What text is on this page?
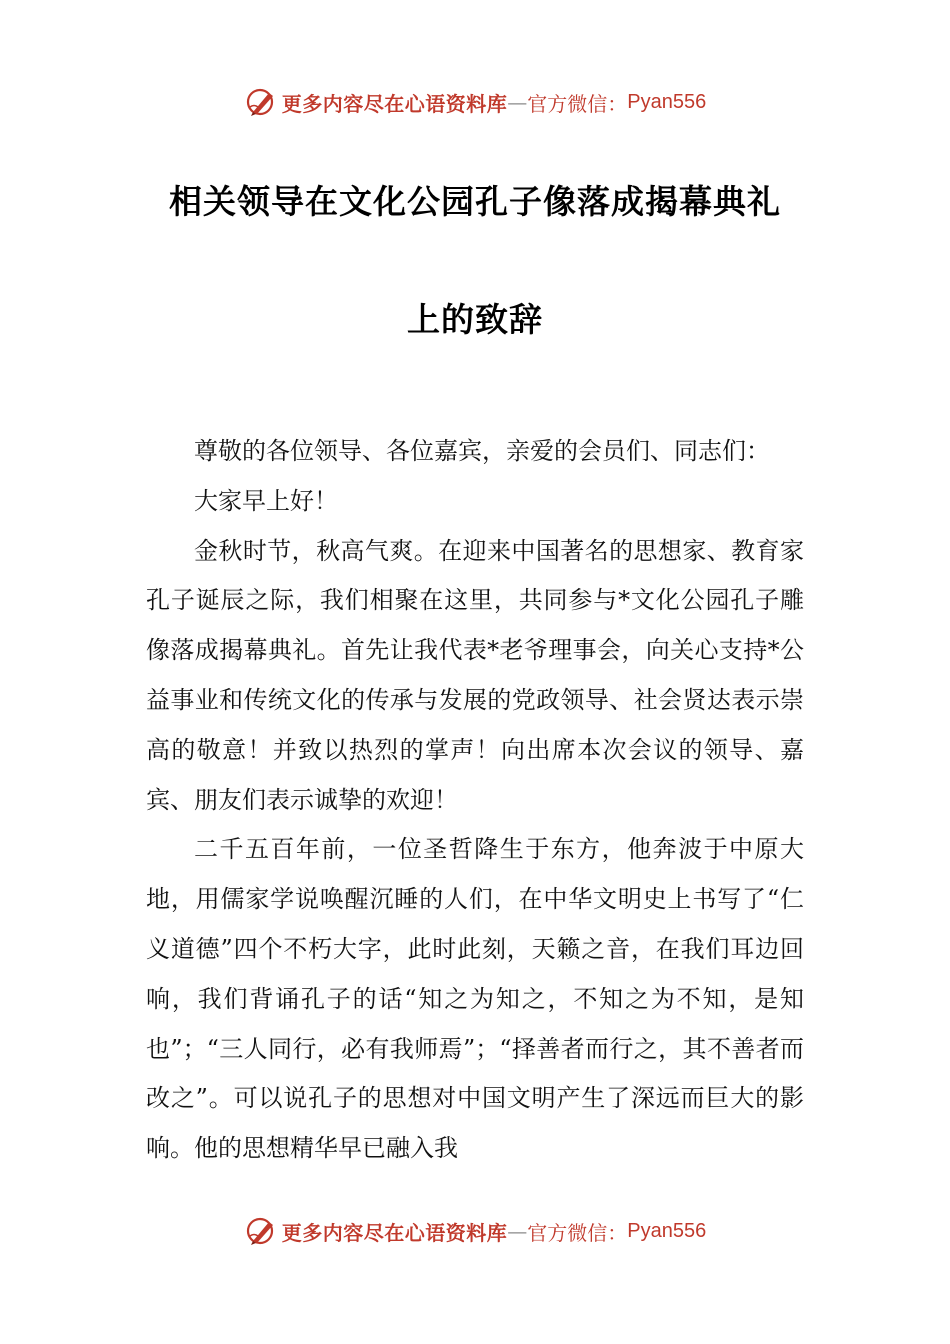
更多内容尽在心语资料库 — 官方微信： Pyan556
相关领导在文化公园孔子像落成揭幕典礼
上的致辞

尊敬的各位领导、各位嘉宾，亲爱的会员们、同志们：

大家早上好！

金秋时节，秋高气爽。在迎来中国著名的思想家、教育家孔子诞辰之际，我们相聚在这里，共同参与*文化公园孔子雕像落成揭幕典礼。首先让我代表*老爷理事会，向关心支持*公益事业和传统文化的传承与发展的党政领导、社会贤达表示崇高的敬意！并致以热烈的掌声！向出席本次会议的领导、嘉宾、朋友们表示诚挚的欢迎！

二千五百年前，一位圣哲降生于东方，他奔波于中原大地，用儒家学说唤醒沉睡的人们，在中华文明史上书写了“仁义道德”四个不朽大字，此时此刻，天籁之音，在我们耳边回响，我们背诵孔子的话“知之为知之，不知之为不知，是知也”；“三人同行，必有我师焉”；“择善者而行之，其不善者而改之”。可以说孔子的思想对中国文明产生了深远而巨大的影响。他的思想精华早已融入我

更多内容尽在心语资料库 — 官方微信： Pyan556
